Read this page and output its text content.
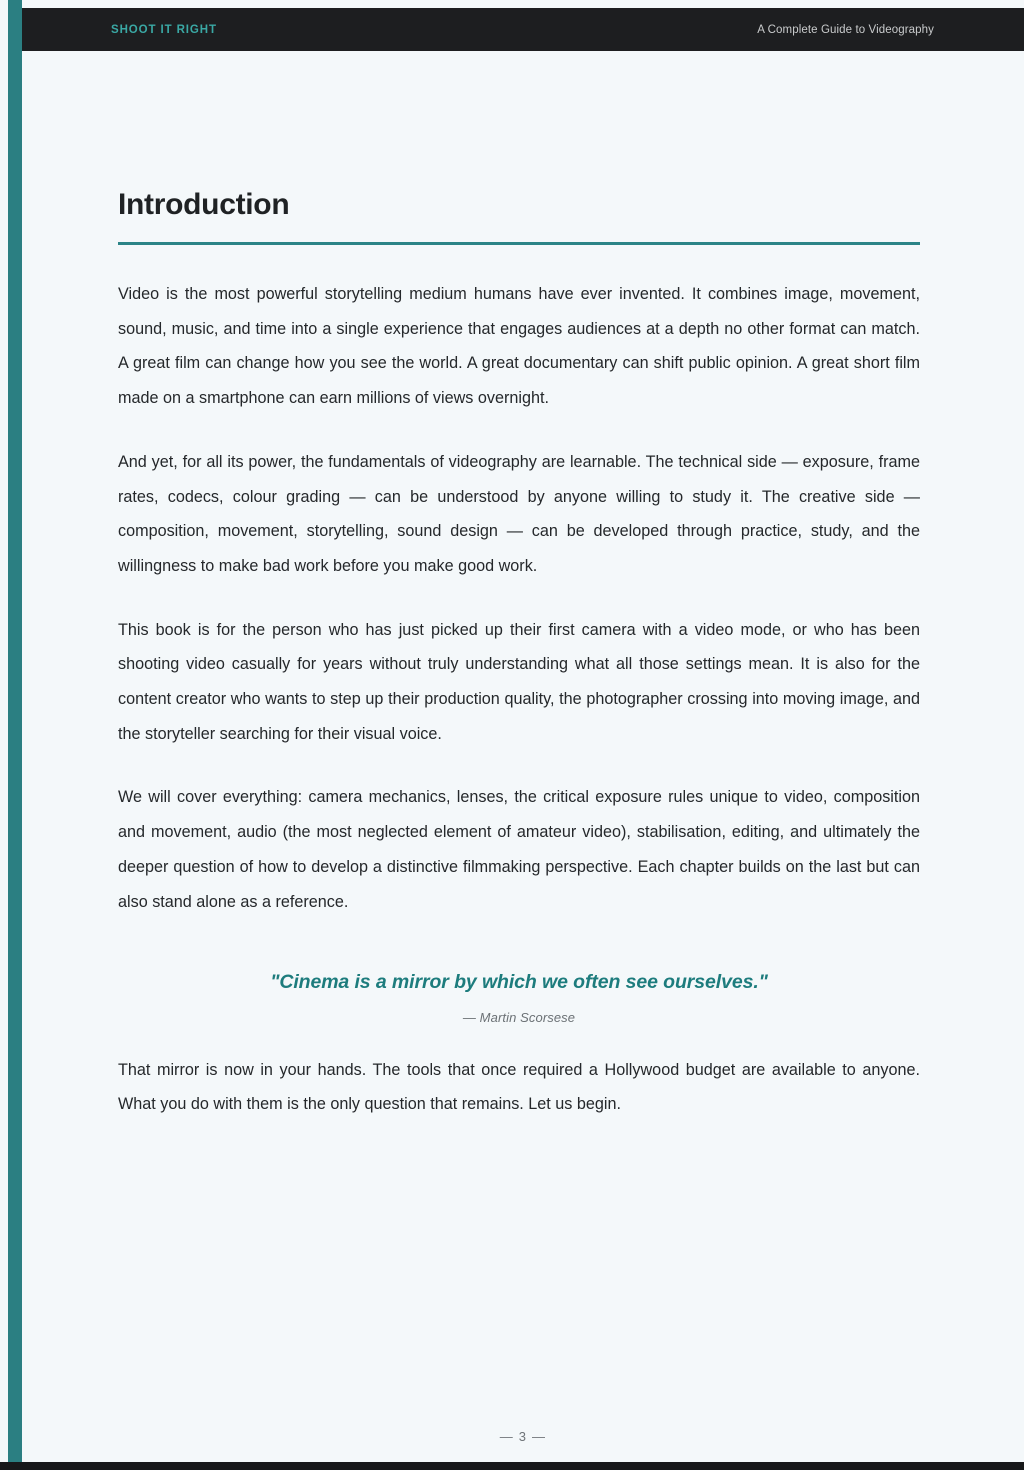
SHOOT IT RIGHT	A Complete Guide to Videography
Introduction

Video is the most powerful storytelling medium humans have ever invented. It combines image, movement, sound, music, and time into a single experience that engages audiences at a depth no other format can match. A great film can change how you see the world. A great documentary can shift public opinion. A great short film made on a smartphone can earn millions of views overnight.

And yet, for all its power, the fundamentals of videography are learnable. The technical side — exposure, frame rates, codecs, colour grading — can be understood by anyone willing to study it. The creative side — composition, movement, storytelling, sound design — can be developed through practice, study, and the willingness to make bad work before you make good work.

This book is for the person who has just picked up their first camera with a video mode, or who has been shooting video casually for years without truly understanding what all those settings mean. It is also for the content creator who wants to step up their production quality, the photographer crossing into moving image, and the storyteller searching for their visual voice.

We will cover everything: camera mechanics, lenses, the critical exposure rules unique to video, composition and movement, audio (the most neglected element of amateur video), stabilisation, editing, and ultimately the deeper question of how to develop a distinctive filmmaking perspective. Each chapter builds on the last but can also stand alone as a reference.

"Cinema is a mirror by which we often see ourselves."
— Martin Scorsese

That mirror is now in your hands. The tools that once required a Hollywood budget are available to anyone. What you do with them is the only question that remains. Let us begin.

— 3 —
